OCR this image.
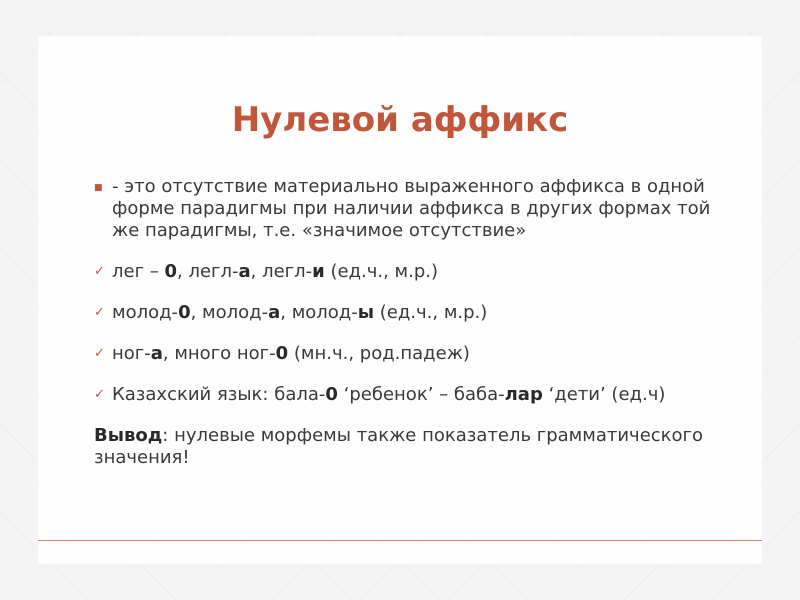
Нулевой аффикс
■ - это отсутствие материально выраженного аффикса в одной форме парадигмы при наличии аффикса в других формах той же парадигмы, т.е. «значимое отсутствие»
✓ лег – 0, легл-а, легл-и (ед.ч., м.р.)
✓ молод-0, молод-а, молод-ы (ед.ч., м.р.)
✓ ног-а, много ног-0 (мн.ч., род.падеж)
✓ Казахский язык: бала-0 ‘ребенок’ – баба-лар ‘дети’ (ед.ч)
Вывод: нулевые морфемы также показатель грамматического значения!
